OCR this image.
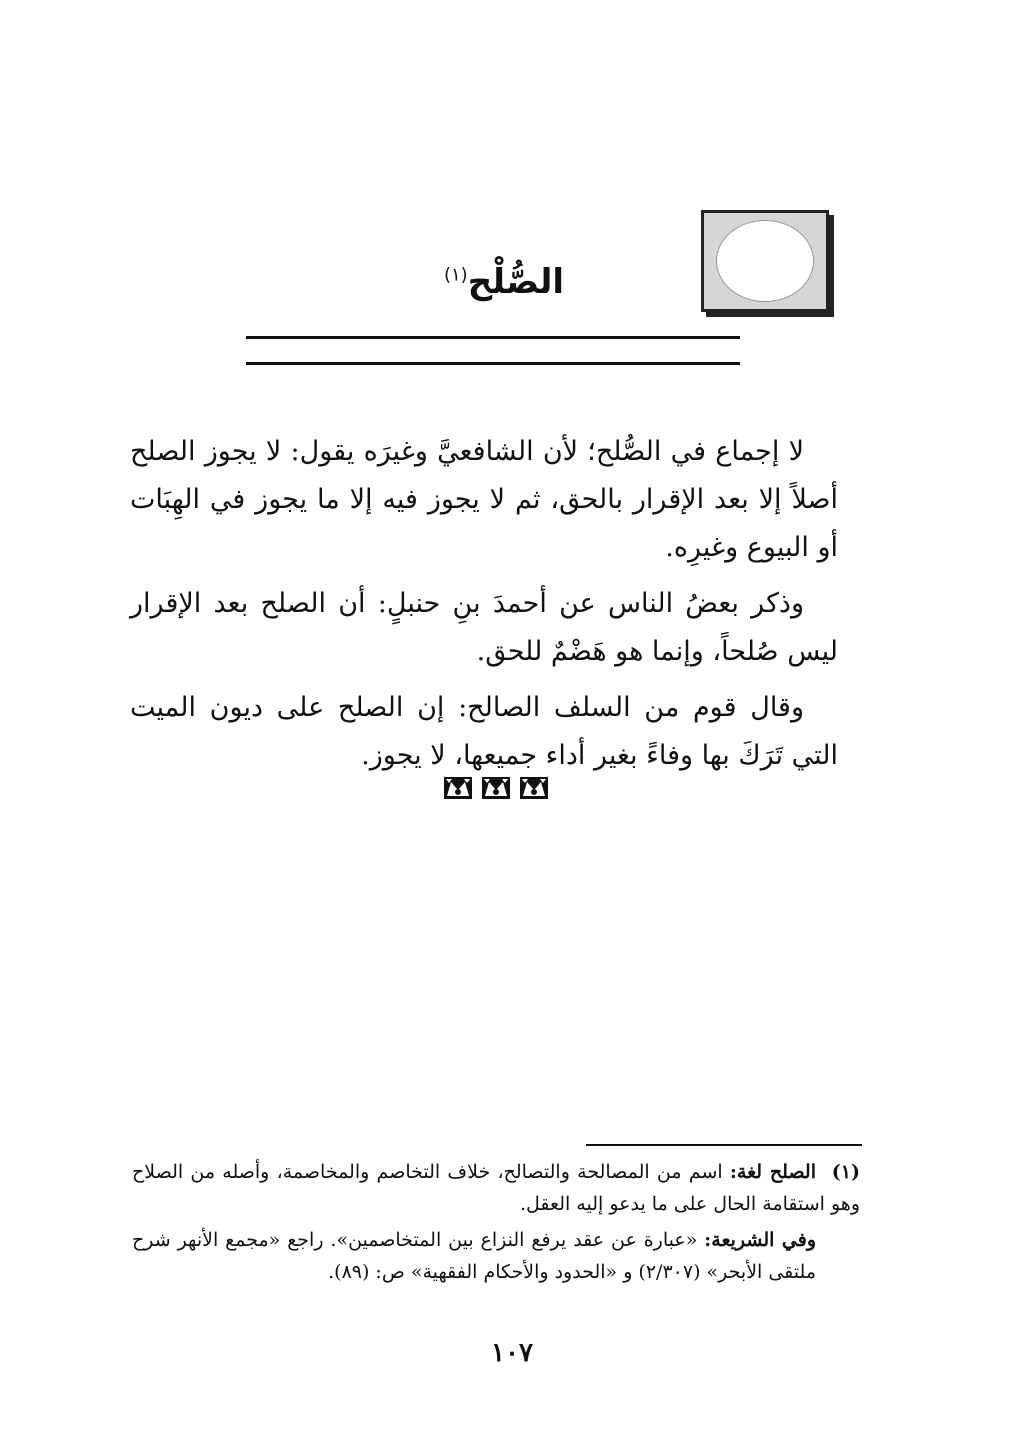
الصُّلْح$^{(١)}$

لا إجماع في الصُّلح؛ لأن الشافعيَّ وغيرَه يقول: لا يجوز الصلح أصلاً إلا بعد الإقرار بالحق، ثم لا يجوز فيه إلا ما يجوز في الهِبَات أو البيوع وغيرِه.

وذكر بعضُ الناس عن أحمدَ بنِ حنبلٍ: أن الصلح بعد الإقرار ليس صُلحاً، وإنما هو هَضْمٌ للحق.

وقال قوم من السلف الصالح: إن الصلح على ديون الميت التي تَرَكَ بها وفاءً بغير أداء جميعها، لا يجوز.

(١)الصلح لغة: اسم من المصالحة والتصالح، خلاف التخاصم والمخاصمة، وأصله من الصلاح وهو استقامة الحال على ما يدعو إليه العقل.

وفي الشريعة: «عبارة عن عقد يرفع النزاع بين المتخاصمين». راجع «مجمع الأنهر شرح ملتقى الأبحر» (٢/٣٠٧) و «الحدود والأحكام الفقهية» ص: (٨٩).

١٠٧
